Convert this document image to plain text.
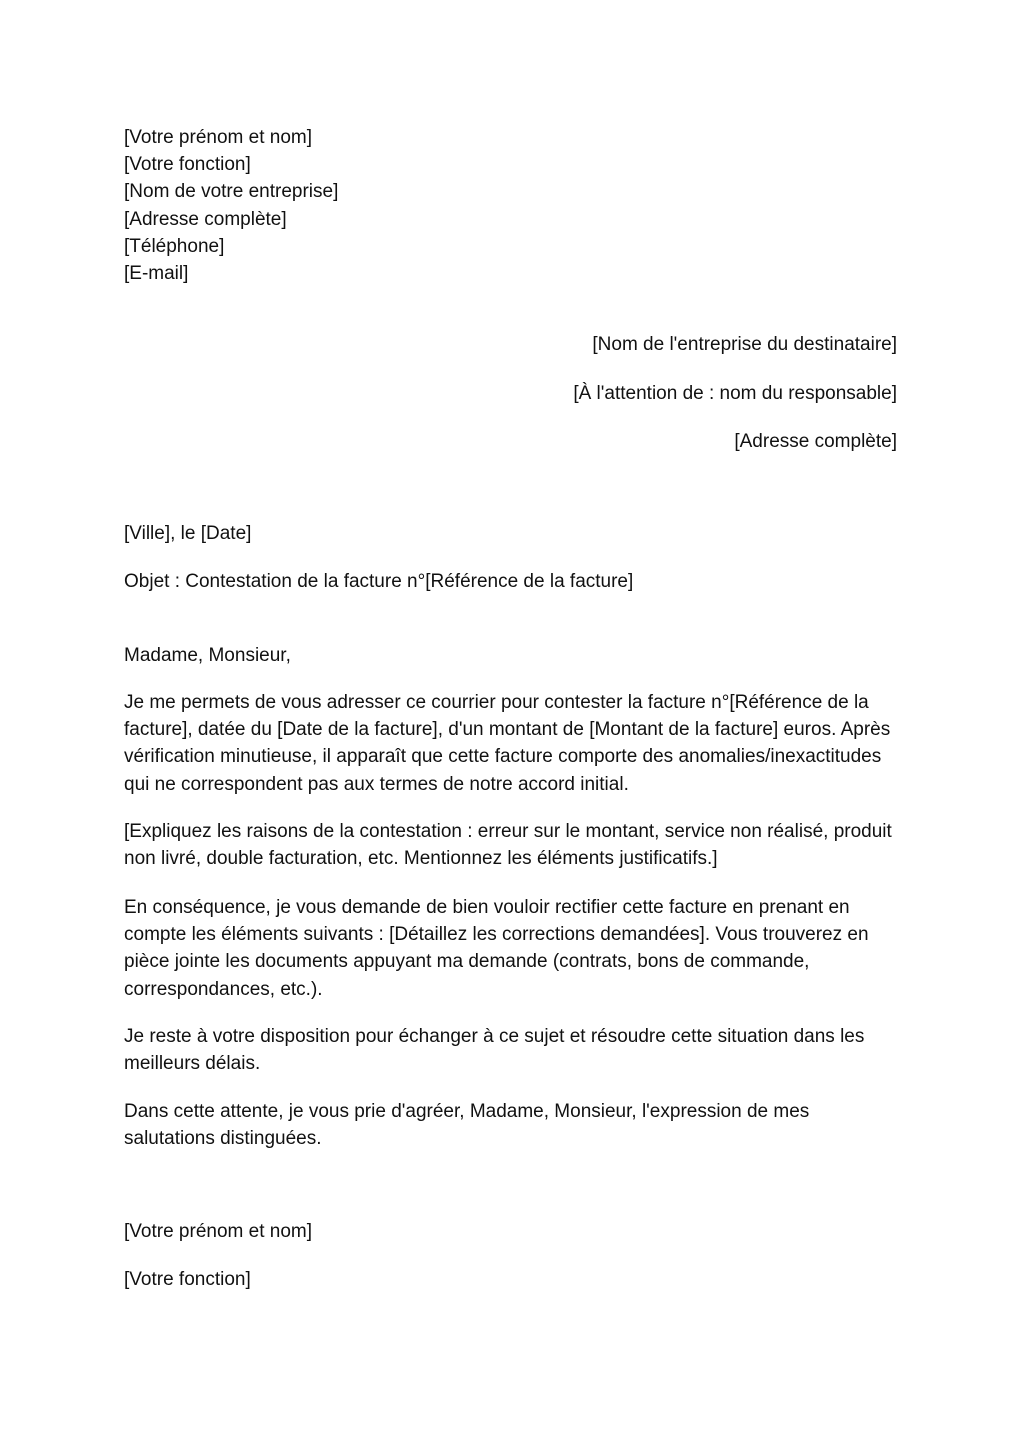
[Votre prénom et nom]
[Votre fonction]
[Nom de votre entreprise]
[Adresse complète]
[Téléphone]
[E-mail]
[Nom de l'entreprise du destinataire]
[À l'attention de : nom du responsable]
[Adresse complète]
[Ville], le [Date]
Objet : Contestation de la facture n°[Référence de la facture]
Madame, Monsieur,
Je me permets de vous adresser ce courrier pour contester la facture n°[Référence de la facture], datée du [Date de la facture], d'un montant de [Montant de la facture] euros. Après vérification minutieuse, il apparaît que cette facture comporte des anomalies/inexactitudes qui ne correspondent pas aux termes de notre accord initial.
[Expliquez les raisons de la contestation : erreur sur le montant, service non réalisé, produit non livré, double facturation, etc. Mentionnez les éléments justificatifs.]
En conséquence, je vous demande de bien vouloir rectifier cette facture en prenant en compte les éléments suivants : [Détaillez les corrections demandées]. Vous trouverez en pièce jointe les documents appuyant ma demande (contrats, bons de commande, correspondances, etc.).
Je reste à votre disposition pour échanger à ce sujet et résoudre cette situation dans les meilleurs délais.
Dans cette attente, je vous prie d'agréer, Madame, Monsieur, l'expression de mes salutations distinguées.
[Votre prénom et nom]
[Votre fonction]
